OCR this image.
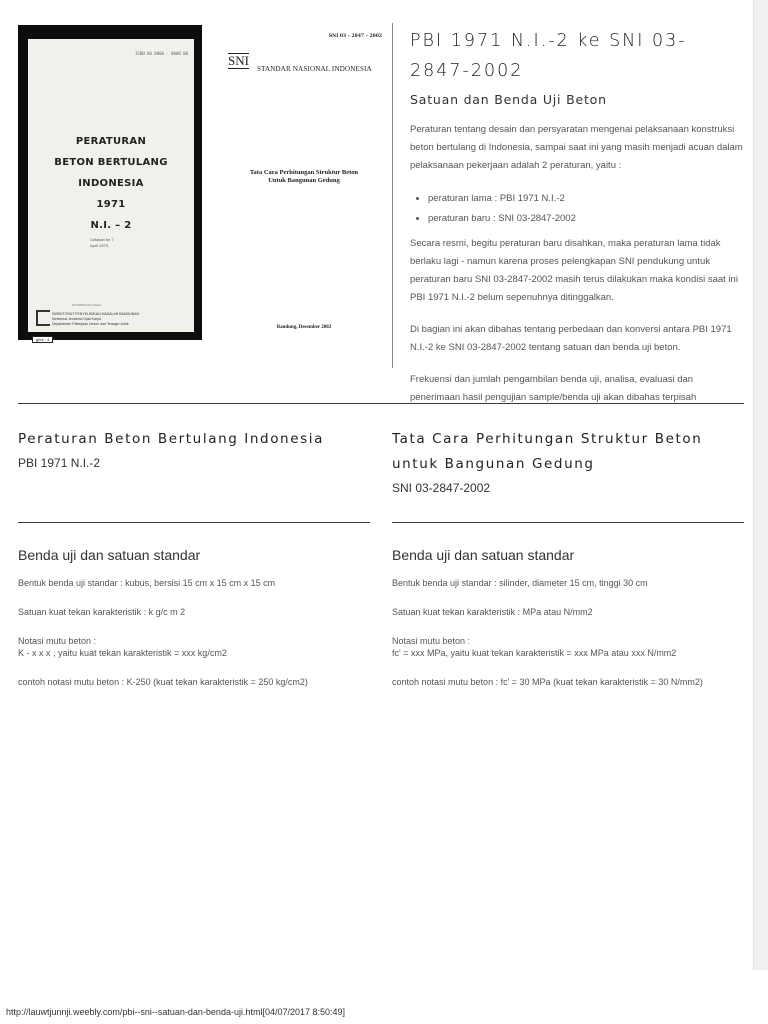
ISBN 00 0000 - 0000 00
PERATURAN
BETON BERTULANG
INDONESIA
1971
N.I. – 2
Cetakan ke 7
April 1979
DITERBITKAN OLEH
DIREKTORAT PENYELIDIKAN MASALAH BANGUNAN
Direktorat Jenderal Cipta Karya
Departemen Pekerjaan Umum dan Tenaga Listrik
gbnl - 4
SNI 03 – 2847 – 2002
SNI
STANDAR NASIONAL INDONESIA
Tata Cara Perhitungan Struktur Beton
Untuk Bangunan Gedung
Bandung, Desember 2002
PBI 1971 N.I.-2 ke SNI 03-2847-2002
Satuan dan Benda Uji Beton

Peraturan tentang desain dan persyaratan mengenai pelaksanaan konstruksi beton bertulang di Indonesia, sampai saat ini yang masih menjadi acuan dalam pelaksanaan pekerjaan adalah 2 peraturan, yaitu :

• peraturan lama : PBI 1971 N.I.-2
• peraturan baru : SNI 03-2847-2002

Secara resmi, begitu peraturan baru disahkan, maka peraturan lama tidak berlaku lagi - namun karena proses pelengkapan SNI pendukung untuk peraturan baru SNI 03-2847-2002 masih terus dilakukan maka kondisi saat ini PBI 1971 N.I.-2 belum sepenuhnya ditinggalkan.

Di bagian ini akan dibahas tentang perbedaan dan konversi antara PBI 1971 N.I.-2 ke SNI 03-2847-2002 tentang satuan dan benda uji beton.

Frekuensi dan jumlah pengambilan benda uji, analisa, evaluasi dan penerimaan hasil pengujian sample/benda uji akan dibahas terpisah

Peraturan Beton Bertulang Indonesia
PBI 1971 N.I.-2
Tata Cara Perhitungan Struktur Beton untuk Bangunan Gedung
SNI 03-2847-2002
Benda uji dan satuan standar

Bentuk benda uji standar : kubus, bersisi 15 cm x 15 cm x 15 cm

Satuan kuat tekan karakteristik : k g/c m 2

Notasi mutu beton :

K - x x x , yaitu kuat tekan karakteristik = xxx kg/cm2

contoh notasi mutu beton : K-250 (kuat tekan karakteristik = 250 kg/cm2)

Benda uji dan satuan standar

Bentuk benda uji standar : silinder, diameter 15 cm, tinggi 30 cm

Satuan kuat tekan karakteristik : MPa atau N/mm2

Notasi mutu beton :

fc' = xxx MPa, yaitu kuat tekan karakteristik = xxx MPa atau xxx N/mm2

contoh notasi mutu beton : fc' = 30 MPa (kuat tekan karakteristik = 30 N/mm2)

http://lauwtjunnji.weebly.com/pbi--sni--satuan-dan-benda-uji.html[04/07/2017 8:50:49]
